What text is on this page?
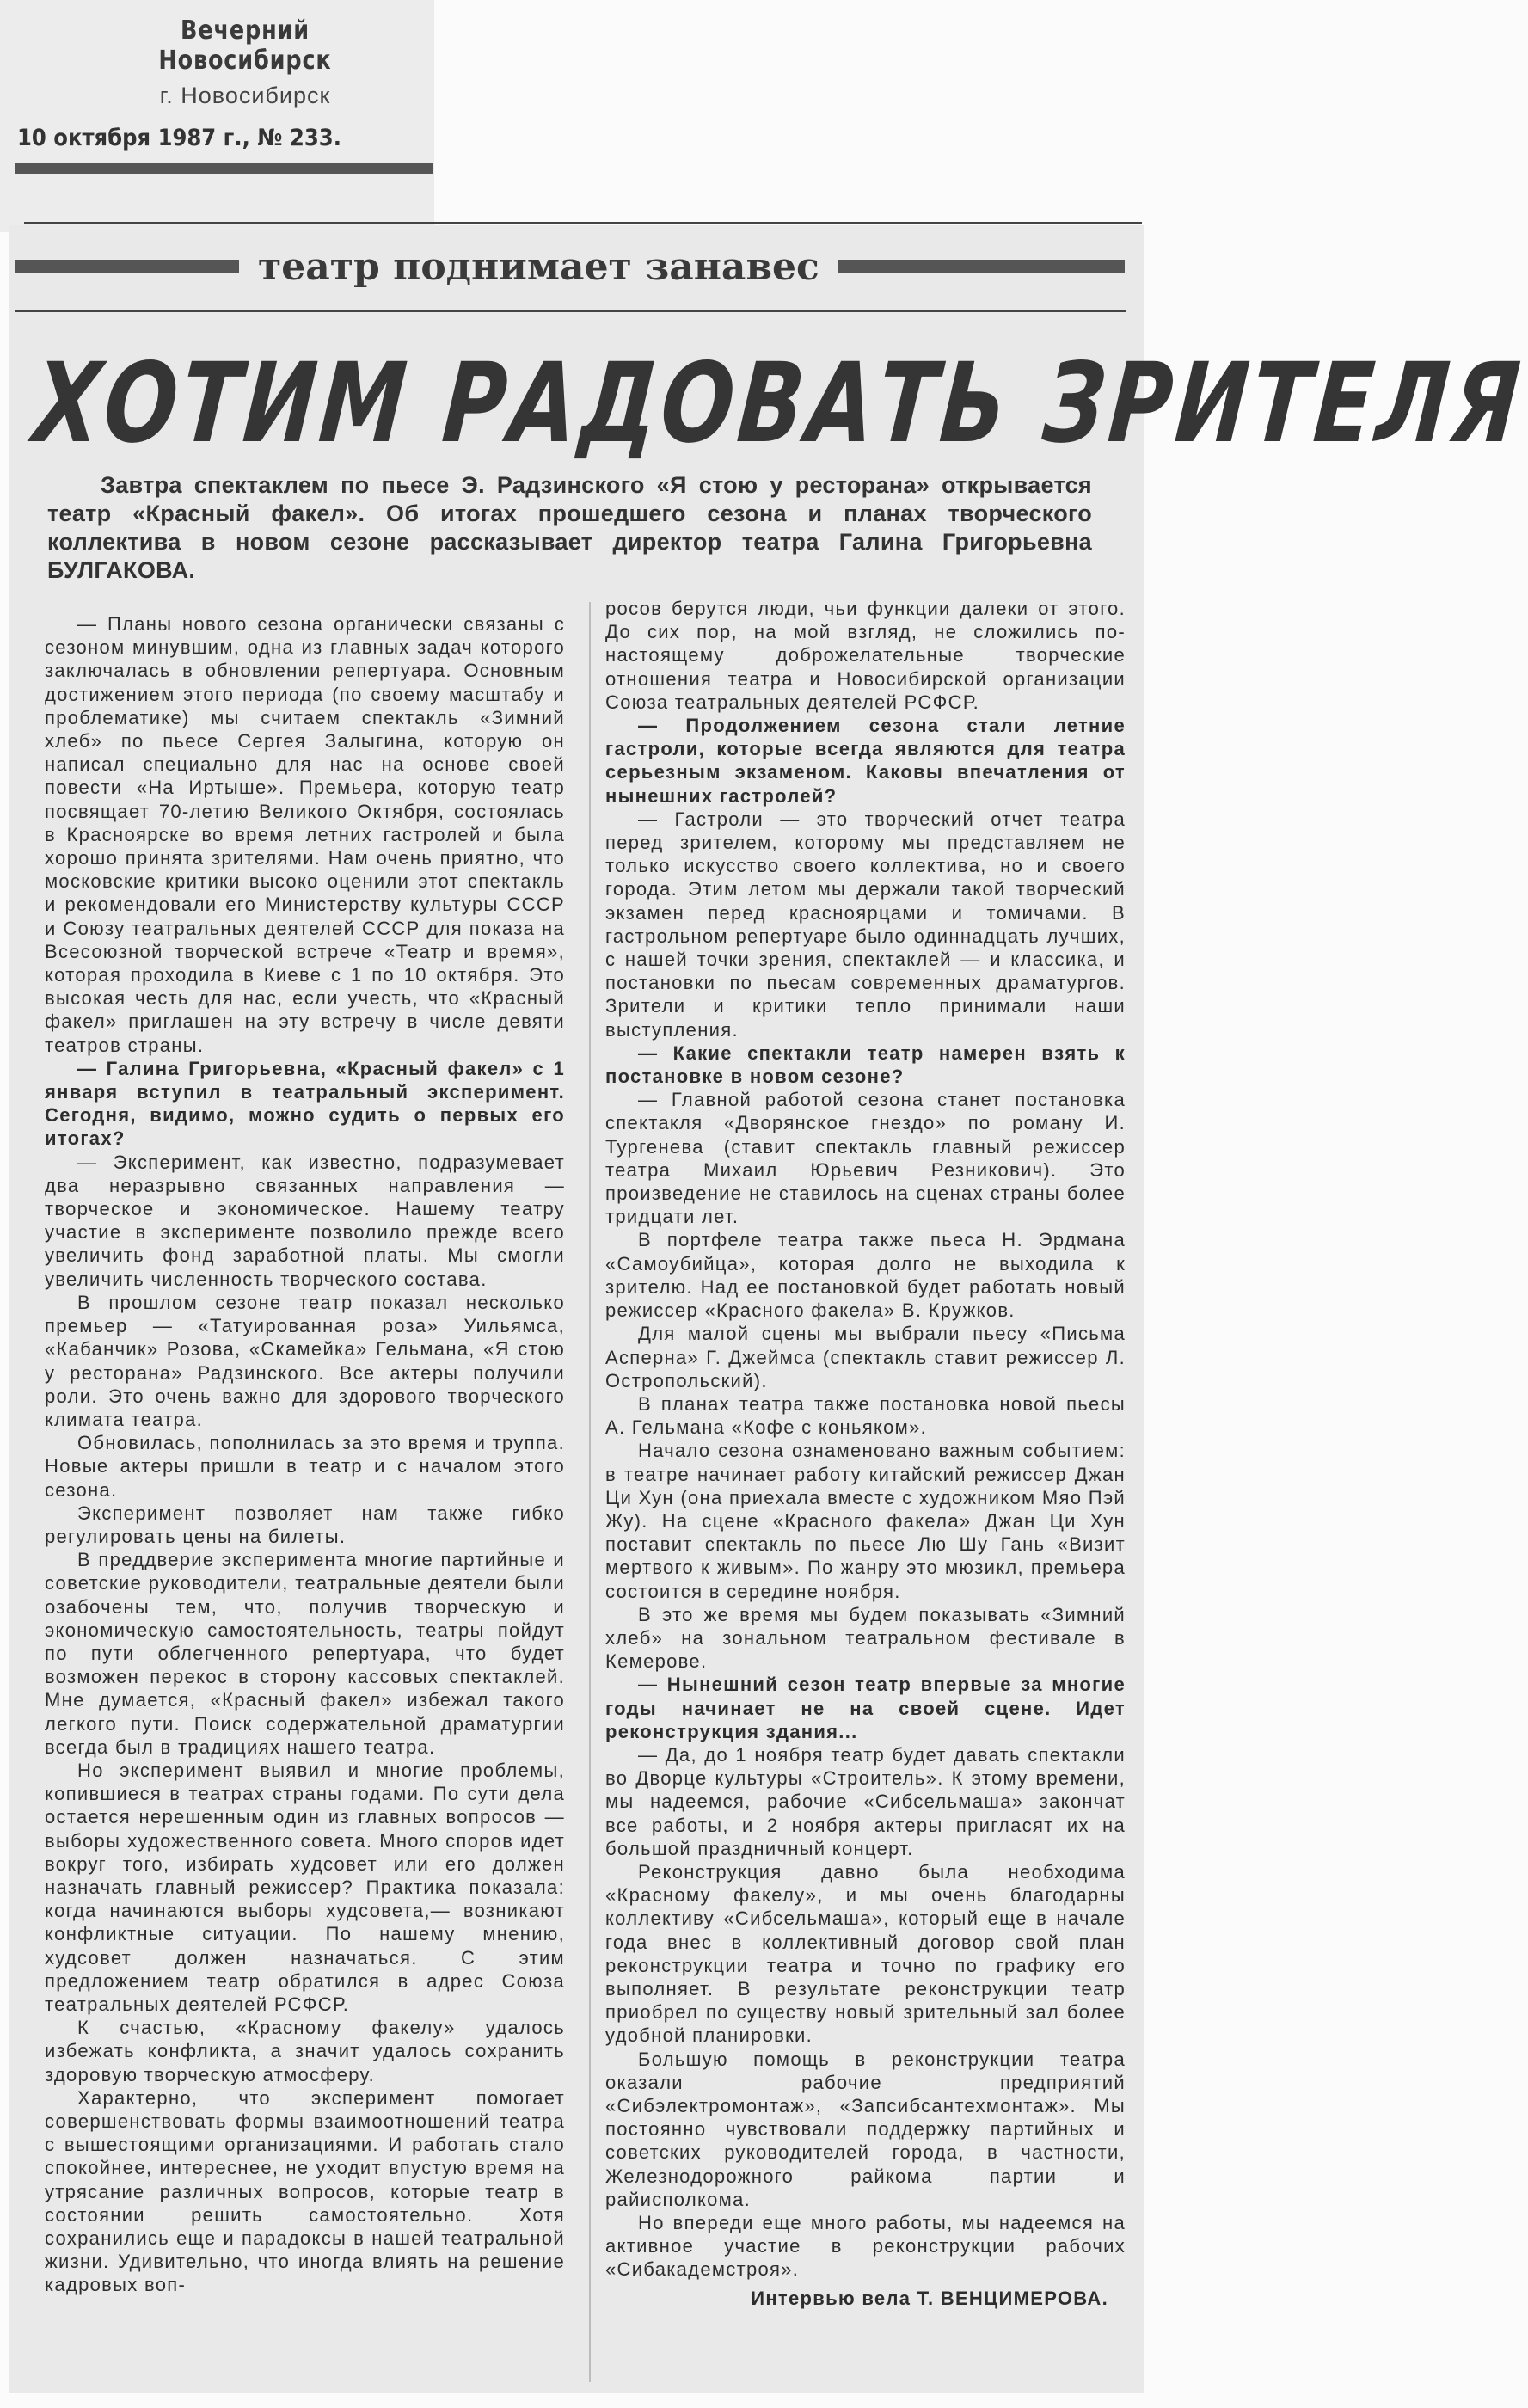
Вечерний Новосибирск
г. Новосибирск
10 октября 1987 г., № 233.
театр поднимает занавес
ХОТИМ РАДОВАТЬ ЗРИТЕЛЯ
Завтра спектаклем по пьесе Э. Радзинского «Я стою у ресторана» открывается театр «Красный факел». Об итогах прошедшего сезона и планах творческого коллектива в новом сезоне рассказывает директор театра Галина Григорьевна БУЛГАКОВА.

— Планы нового сезона органически связаны с сезоном минувшим, одна из главных задач которого заключалась в обновлении репертуара. Основным достижением этого периода (по своему масштабу и проблематике) мы считаем спектакль «Зимний хлеб» по пьесе Сергея Залыгина, которую он написал специально для нас на основе своей повести «На Иртыше». Премьера, которую театр посвящает 70-летию Великого Октября, состоялась в Красноярске во время летних гастролей и была хорошо принята зрителями. Нам очень приятно, что московские критики высоко оценили этот спектакль и рекомендовали его Министерству культуры СССР и Союзу театральных деятелей СССР для показа на Всесоюзной творческой встрече «Театр и время», которая проходила в Киеве с 1 по 10 октября. Это высокая честь для нас, если учесть, что «Красный факел» приглашен на эту встречу в числе девяти театров страны.

— Галина Григорьевна, «Красный факел» с 1 января вступил в театральный эксперимент. Сегодня, видимо, можно судить о первых его итогах?

— Эксперимент, как известно, подразумевает два неразрывно связанных направления — творческое и экономическое. Нашему театру участие в эксперименте позволило прежде всего увеличить фонд заработной платы. Мы смогли увеличить численность творческого состава.

В прошлом сезоне театр показал несколько премьер — «Татуированная роза» Уильямса, «Кабанчик» Розова, «Скамейка» Гельмана, «Я стою у ресторана» Радзинского. Все актеры получили роли. Это очень важно для здорового творческого климата театра.

Обновилась, пополнилась за это время и труппа. Новые актеры пришли в театр и с началом этого сезона.

Эксперимент позволяет нам также гибко регулировать цены на билеты.

В преддверие эксперимента многие партийные и советские руководители, театральные деятели были озабочены тем, что, получив творческую и экономическую самостоятельность, театры пойдут по пути облегченного репертуара, что будет возможен перекос в сторону кассовых спектаклей. Мне думается, «Красный факел» избежал такого легкого пути. Поиск содержательной драматургии всегда был в традициях нашего театра.

Но эксперимент выявил и многие проблемы, копившиеся в театрах страны годами. По сути дела остается нерешенным один из главных вопросов — выборы художественного совета. Много споров идет вокруг того, избирать худсовет или его должен назначать главный режиссер? Практика показала: когда начинаются выборы худсовета,— возникают конфликтные ситуации. По нашему мнению, худсовет должен назначаться. С этим предложением театр обратился в адрес Союза театральных деятелей РСФСР.

К счастью, «Красному факелу» удалось избежать конфликта, а значит удалось сохранить здоровую творческую атмосферу.

Характерно, что эксперимент помогает совершенствовать формы взаимоотношений театра с вышестоящими организациями. И работать стало спокойнее, интереснее, не уходит впустую время на утрясание различных вопросов, которые театр в состоянии решить самостоятельно. Хотя сохранились еще и парадоксы в нашей театральной жизни. Удивительно, что иногда влиять на решение кадровых воп-

росов берутся люди, чьи функции далеки от этого. До сих пор, на мой взгляд, не сложились по-настоящему доброжелательные творческие отношения театра и Новосибирской организации Союза театральных деятелей РСФСР.

— Продолжением сезона стали летние гастроли, которые всегда являются для театра серьезным экзаменом. Каковы впечатления от нынешних гастролей?

— Гастроли — это творческий отчет театра перед зрителем, которому мы представляем не только искусство своего коллектива, но и своего города. Этим летом мы держали такой творческий экзамен перед красноярцами и томичами. В гастрольном репертуаре было одиннадцать лучших, с нашей точки зрения, спектаклей — и классика, и постановки по пьесам современных драматургов. Зрители и критики тепло принимали наши выступления.

— Какие спектакли театр намерен взять к постановке в новом сезоне?

— Главной работой сезона станет постановка спектакля «Дворянское гнездо» по роману И. Тургенева (ставит спектакль главный режиссер театра Михаил Юрьевич Резникович). Это произведение не ставилось на сценах страны более тридцати лет.

В портфеле театра также пьеса Н. Эрдмана «Самоубийца», которая долго не выходила к зрителю. Над ее постановкой будет работать новый режиссер «Красного факела» В. Кружков.

Для малой сцены мы выбрали пьесу «Письма Асперна» Г. Джеймса (спектакль ставит режиссер Л. Остропольский).

В планах театра также постановка новой пьесы А. Гельмана «Кофе с коньяком».

Начало сезона ознаменовано важным событием: в театре начинает работу китайский режиссер Джан Ци Хун (она приехала вместе с художником Мяо Пэй Жу). На сцене «Красного факела» Джан Ци Хун поставит спектакль по пьесе Лю Шу Гань «Визит мертвого к живым». По жанру это мюзикл, премьера состоится в середине ноября.

В это же время мы будем показывать «Зимний хлеб» на зональном театральном фестивале в Кемерове.

— Нынешний сезон театр впервые за многие годы начинает не на своей сцене. Идет реконструкция здания...

— Да, до 1 ноября театр будет давать спектакли во Дворце культуры «Строитель». К этому времени, мы надеемся, рабочие «Сибсельмаша» закончат все работы, и 2 ноября актеры пригласят их на большой праздничный концерт.

Реконструкция давно была необходима «Красному факелу», и мы очень благодарны коллективу «Сибсельмаша», который еще в начале года внес в коллективный договор свой план реконструкции театра и точно по графику его выполняет. В результате реконструкции театр приобрел по существу новый зрительный зал более удобной планировки.

Большую помощь в реконструкции театра оказали рабочие предприятий «Сибэлектромонтаж», «Запсибсантехмонтаж». Мы постоянно чувствовали поддержку партийных и советских руководителей города, в частности, Железнодорожного райкома партии и райисполкома.

Но впереди еще много работы, мы надеемся на активное участие в реконструкции рабочих «Сибакадемстроя».

Интервью вела Т. ВЕНЦИМЕРОВА.
